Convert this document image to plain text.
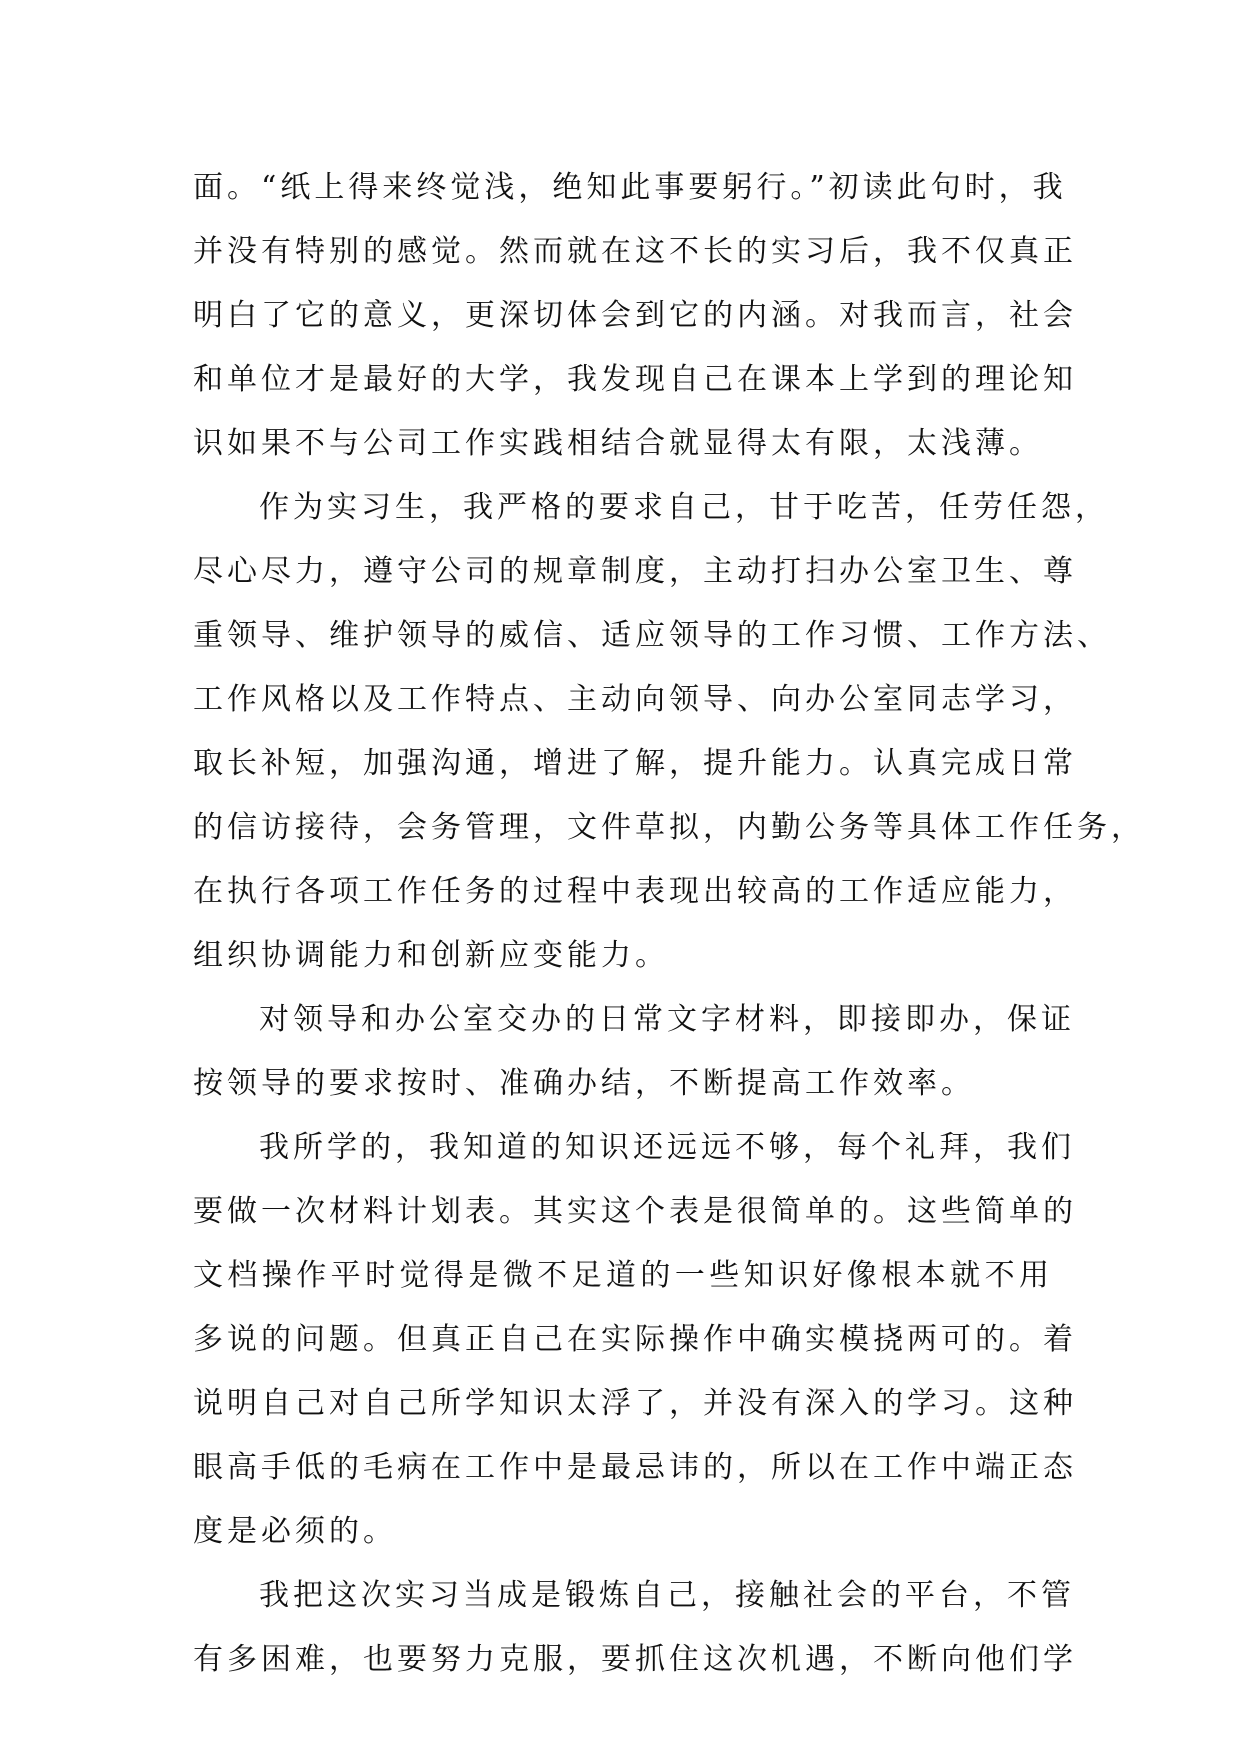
面。“纸上得来终觉浅，绝知此事要躬行。”初读此句时，我
并没有特别的感觉。然而就在这不长的实习后，我不仅真正
明白了它的意义，更深切体会到它的内涵。对我而言，社会
和单位才是最好的大学，我发现自己在课本上学到的理论知
识如果不与公司工作实践相结合就显得太有限，太浅薄。
作为实习生，我严格的要求自己，甘于吃苦，任劳任怨，
尽心尽力，遵守公司的规章制度，主动打扫办公室卫生、尊
重领导、维护领导的威信、适应领导的工作习惯、工作方法、
工作风格以及工作特点、主动向领导、向办公室同志学习，
取长补短，加强沟通，增进了解，提升能力。认真完成日常
的信访接待，会务管理，文件草拟，内勤公务等具体工作任务，
在执行各项工作任务的过程中表现出较高的工作适应能力，
组织协调能力和创新应变能力。
对领导和办公室交办的日常文字材料，即接即办，保证
按领导的要求按时、准确办结，不断提高工作效率。
我所学的，我知道的知识还远远不够，每个礼拜，我们
要做一次材料计划表。其实这个表是很简单的。这些简单的
文档操作平时觉得是微不足道的一些知识好像根本就不用
多说的问题。但真正自己在实际操作中确实模挠两可的。着
说明自己对自己所学知识太浮了，并没有深入的学习。这种
眼高手低的毛病在工作中是最忌讳的，所以在工作中端正态
度是必须的。
我把这次实习当成是锻炼自己，接触社会的平台，不管
有多困难，也要努力克服，要抓住这次机遇，不断向他们学
